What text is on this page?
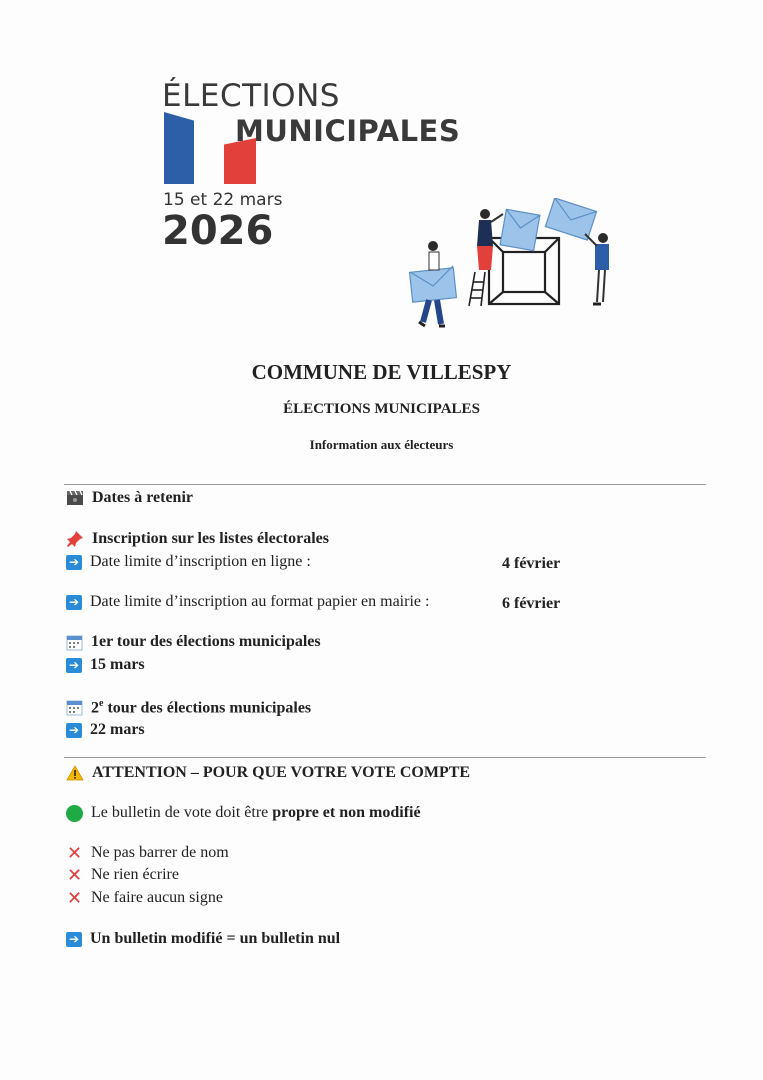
ÉLECTIONS
MUNICIPALES
15 et 22 mars
2026
COMMUNE DE VILLESPY
ÉLECTIONS MUNICIPALES
Information aux électeurs
Dates à retenir
Inscription sur les listes électorales
➔ Date limite d’inscription en ligne :	4 février
➔ Date limite d’inscription au format papier en mairie :	6 février
1er tour des élections municipales
➔ 15 mars
2e tour des élections municipales
➔ 22 mars
ATTENTION – POUR QUE VOTRE VOTE COMPTE
Le bulletin de vote doit être propre et non modifié
✕ Ne pas barrer de nom
✕ Ne rien écrire
✕ Ne faire aucun signe
➔ Un bulletin modifié = un bulletin nul
